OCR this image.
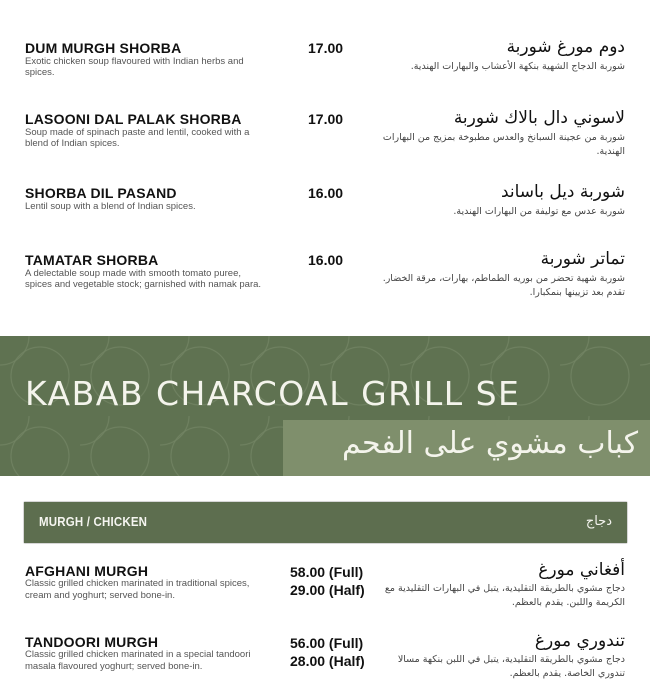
DUM MURGH SHORBA
Exotic chicken soup flavoured with Indian herbs and spices.
17.00	دوم مورغ شوربة
شوربة الدجاج الشهية بنكهة الأعشاب والبهارات الهندية.
LASOONI DAL PALAK SHORBA
Soup made of spinach paste and lentil, cooked with a blend of Indian spices.
17.00	لاسوني دال بالاك شوربة
شوربة من عجينة السبانخ والعدس مطبوخة بمزيج من البهارات الهندية.
SHORBA DIL PASAND
Lentil soup with a blend of Indian spices.
16.00	شوربة ديل باساند
شوربة عدس مع توليفة من البهارات الهندية.
TAMATAR SHORBA
A delectable soup made with smooth tomato puree, spices and vegetable stock; garnished with namak para.
16.00	تماتر شوربة
شوربة شهية تحضر من بوريه الطماطم، بهارات، مرقة الخضار. تقدم بعد تزيينها بنمكبارا.
KABAB CHARCOAL GRILL SE
كباب مشوي على الفحم
MURGH / CHICKEN	دجاج
AFGHANI MURGH
Classic grilled chicken marinated in traditional spices, cream and yoghurt; served bone-in.
58.00 (Full)
29.00 (Half)
أفغاني مورغ
دجاج مشوي بالطريقة التقليدية، يتبل في البهارات التقليدية مع الكريمة واللبن. يقدم بالعظم.
TANDOORI MURGH
Classic grilled chicken marinated in a special tandoori masala flavoured yoghurt; served bone-in.
56.00 (Full)
28.00 (Half)
تندوري مورغ
دجاج مشوي بالطريقة التقليدية، يتبل في اللبن بنكهة مسالا تندوري الخاصة. يقدم بالعظم.
